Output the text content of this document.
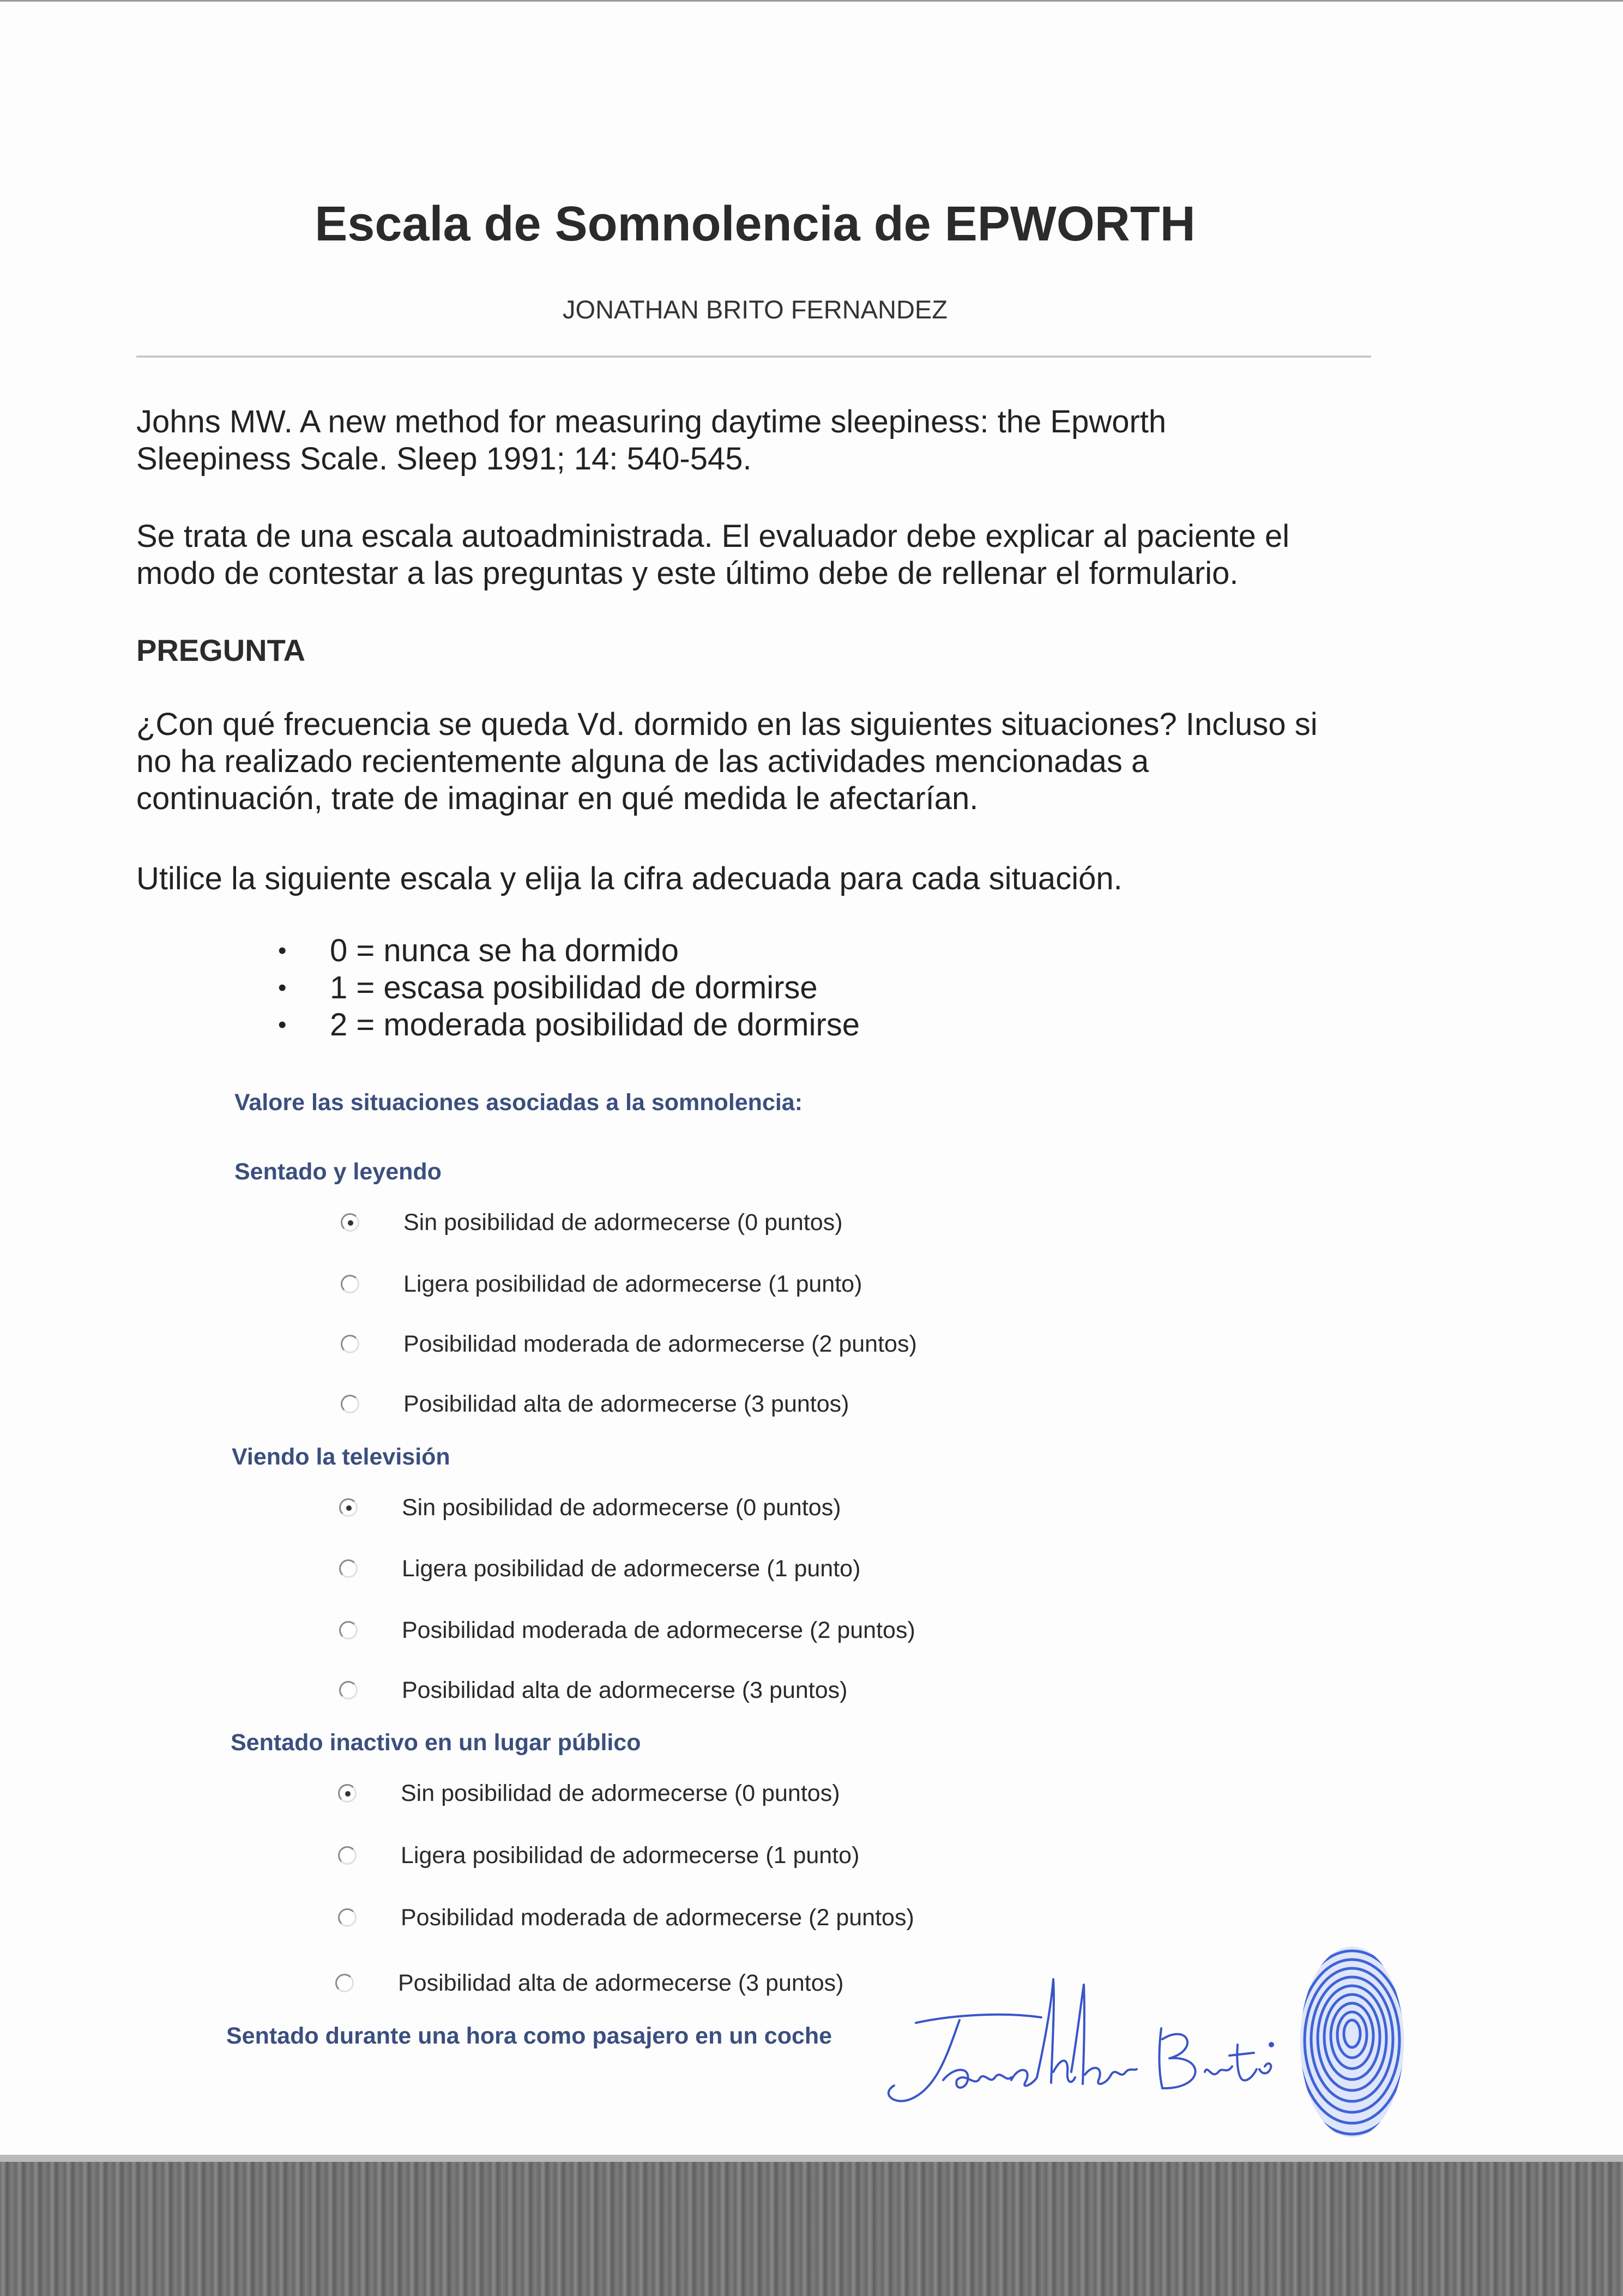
Escala de Somnolencia de EPWORTH
JONATHAN BRITO FERNANDEZ
Johns MW. A new method for measuring daytime sleepiness: the Epworth
Sleepiness Scale. Sleep 1991; 14: 540-545.
Se trata de una escala autoadministrada. El evaluador debe explicar al paciente el
modo de contestar a las preguntas y este último debe de rellenar el formulario.
PREGUNTA
¿Con qué frecuencia se queda Vd. dormido en las siguientes situaciones? Incluso si
no ha realizado recientemente alguna de las actividades mencionadas a
continuación, trate de imaginar en qué medida le afectarían.
Utilice la siguiente escala y elija la cifra adecuada para cada situación.
• 0 = nunca se ha dormido
• 1 = escasa posibilidad de dormirse
• 2 = moderada posibilidad de dormirse
Valore las situaciones asociadas a la somnolencia:
Sentado y leyendo
Sin posibilidad de adormecerse (0 puntos)
Ligera posibilidad de adormecerse (1 punto)
Posibilidad moderada de adormecerse (2 puntos)
Posibilidad alta de adormecerse (3 puntos)
Viendo la televisión
Sin posibilidad de adormecerse (0 puntos)
Ligera posibilidad de adormecerse (1 punto)
Posibilidad moderada de adormecerse (2 puntos)
Posibilidad alta de adormecerse (3 puntos)
Sentado inactivo en un lugar público
Sin posibilidad de adormecerse (0 puntos)
Ligera posibilidad de adormecerse (1 punto)
Posibilidad moderada de adormecerse (2 puntos)
Posibilidad alta de adormecerse (3 puntos)
Sentado durante una hora como pasajero en un coche
